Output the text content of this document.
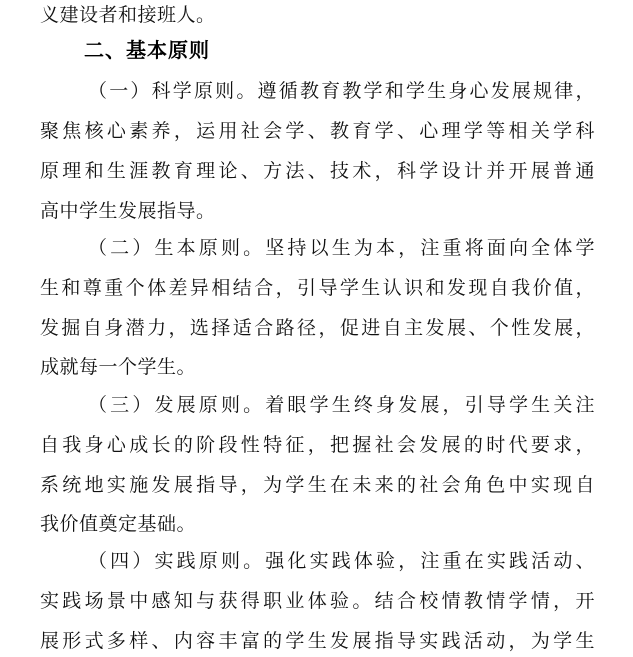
义建设者和接班人。
二、基本原则
（一）科学原则。遵循教育教学和学生身心发展规律，
聚焦核心素养，运用社会学、教育学、心理学等相关学科
原理和生涯教育理论、方法、技术，科学设计并开展普通
高中学生发展指导。
（二）生本原则。坚持以生为本，注重将面向全体学
生和尊重个体差异相结合，引导学生认识和发现自我价值，
发掘自身潜力，选择适合路径，促进自主发展、个性发展，
成就每一个学生。
（三）发展原则。着眼学生终身发展，引导学生关注
自我身心成长的阶段性特征，把握社会发展的时代要求，
系统地实施发展指导，为学生在未来的社会角色中实现自
我价值奠定基础。
（四）实践原则。强化实践体验，注重在实践活动、
实践场景中感知与获得职业体验。结合校情教情学情，开
展形式多样、内容丰富的学生发展指导实践活动，为学生
